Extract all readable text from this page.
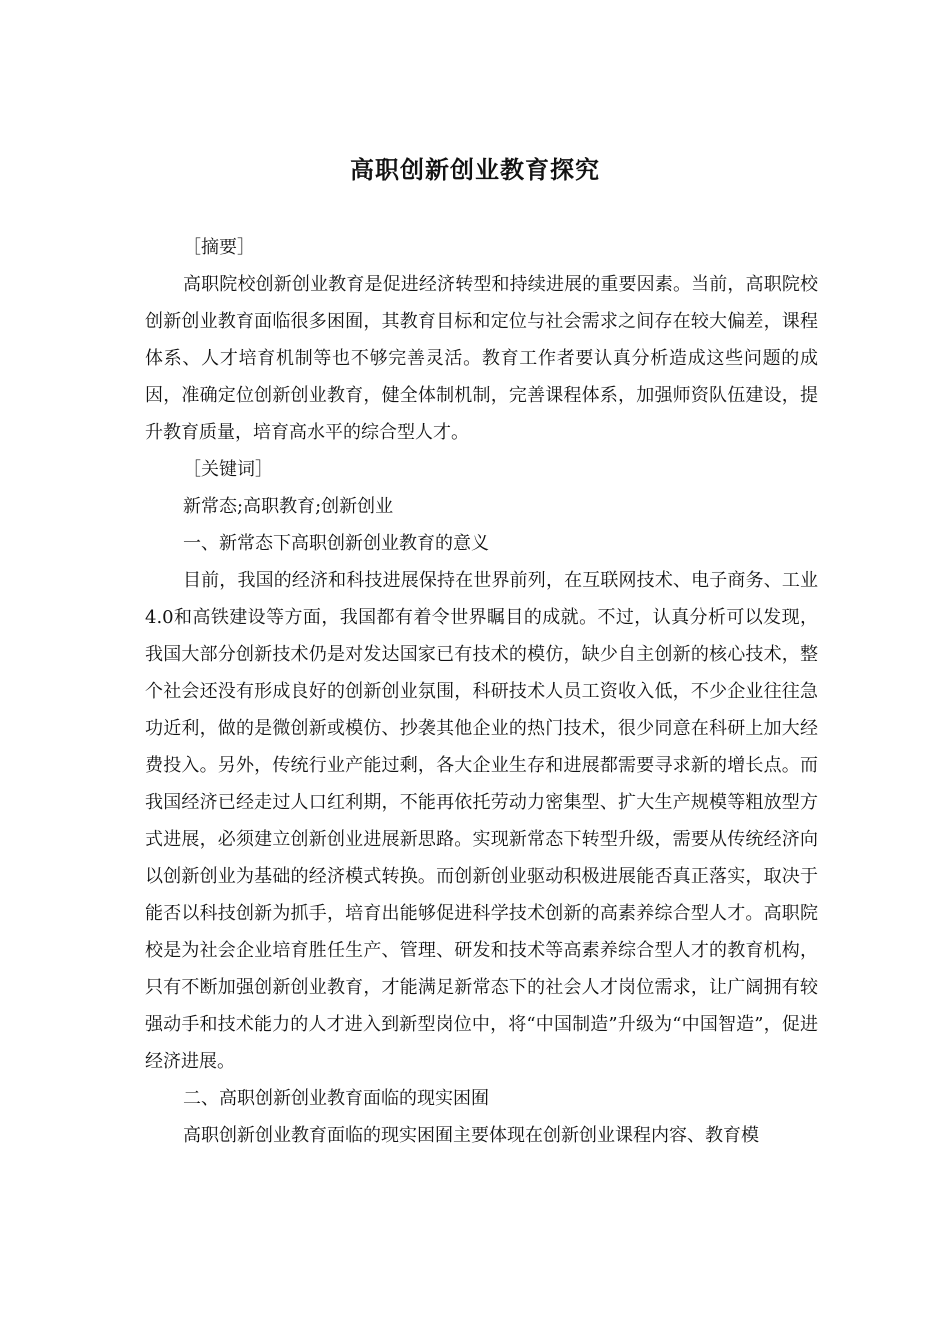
高职创新创业教育探究

［摘要］

高职院校创新创业教育是促进经济转型和持续进展的重要因素。当前，高职院校创新创业教育面临很多困囿，其教育目标和定位与社会需求之间存在较大偏差，课程体系、人才培育机制等也不够完善灵活。教育工作者要认真分析造成这些问题的成因，准确定位创新创业教育，健全体制机制，完善课程体系，加强师资队伍建设，提升教育质量，培育高水平的综合型人才。

［关键词］

新常态;高职教育;创新创业

一、新常态下高职创新创业教育的意义

目前，我国的经济和科技进展保持在世界前列，在互联网技术、电子商务、工业4.0和高铁建设等方面，我国都有着令世界瞩目的成就。不过，认真分析可以发现，我国大部分创新技术仍是对发达国家已有技术的模仿，缺少自主创新的核心技术，整个社会还没有形成良好的创新创业氛围，科研技术人员工资收入低，不少企业往往急功近利，做的是微创新或模仿、抄袭其他企业的热门技术，很少同意在科研上加大经费投入。另外，传统行业产能过剩，各大企业生存和进展都需要寻求新的增长点。而我国经济已经走过人口红利期，不能再依托劳动力密集型、扩大生产规模等粗放型方式进展，必须建立创新创业进展新思路。实现新常态下转型升级，需要从传统经济向以创新创业为基础的经济模式转换。而创新创业驱动积极进展能否真正落实，取决于能否以科技创新为抓手，培育出能够促进科学技术创新的高素养综合型人才。高职院校是为社会企业培育胜任生产、管理、研发和技术等高素养综合型人才的教育机构，只有不断加强创新创业教育，才能满足新常态下的社会人才岗位需求，让广阔拥有较强动手和技术能力的人才进入到新型岗位中，将“中国制造”升级为“中国智造”，促进经济进展。

二、高职创新创业教育面临的现实困囿

高职创新创业教育面临的现实困囿主要体现在创新创业课程内容、教育模
